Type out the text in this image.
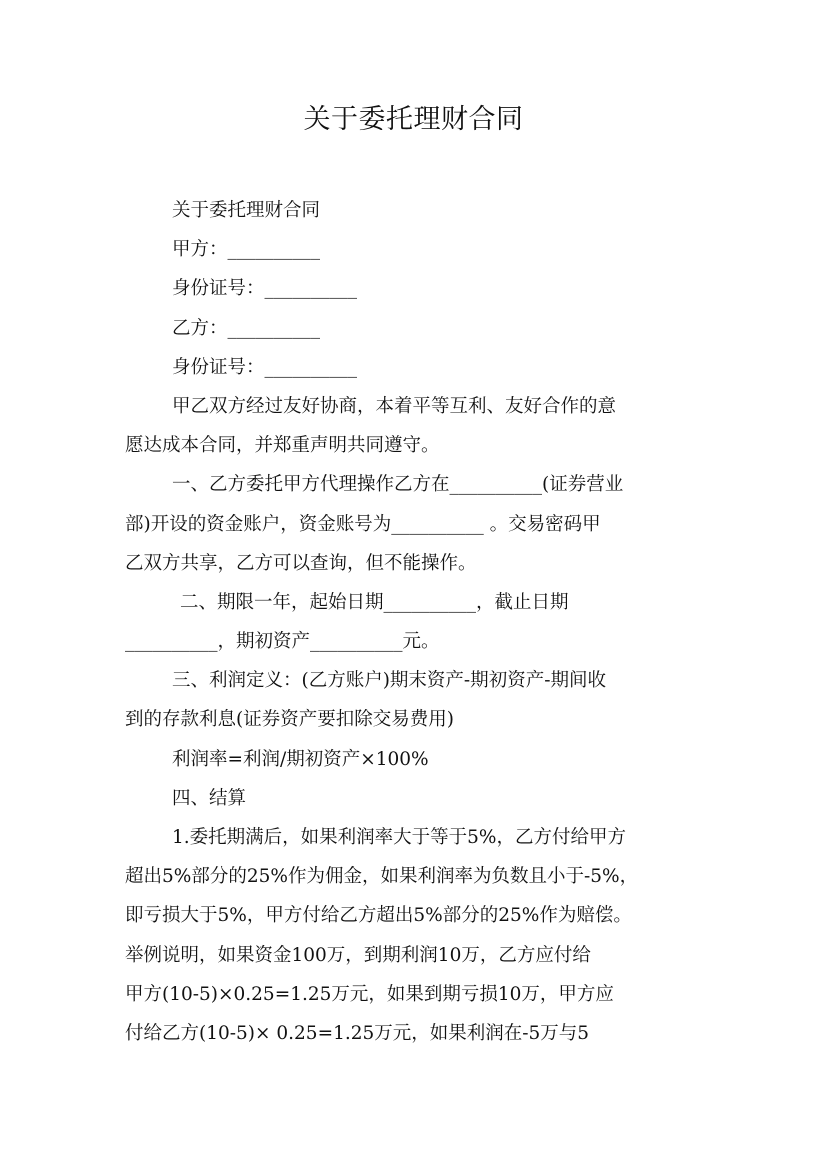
关于委托理财合同
关于委托理财合同
甲方：__________
身份证号：__________
乙方：__________
身份证号：__________
甲乙双方经过友好协商，本着平等互利、友好合作的意
愿达成本合同，并郑重声明共同遵守。
一、乙方委托甲方代理操作乙方在__________(证券营业
部)开设的资金账户，资金账号为__________ 。交易密码甲
乙双方共享，乙方可以查询，但不能操作。
二、期限一年，起始日期__________，截止日期
__________，期初资产__________元。
三、利润定义：(乙方账户)期末资产-期初资产-期间收
到的存款利息(证券资产要扣除交易费用)
利润率=利润/期初资产×100%
四、结算
1.委托期满后，如果利润率大于等于5%，乙方付给甲方
超出5%部分的25%作为佣金，如果利润率为负数且小于-5%，
即亏损大于5%，甲方付给乙方超出5%部分的25%作为赔偿。
举例说明，如果资金100万，到期利润10万，乙方应付给
甲方(10-5)×0.25=1.25万元，如果到期亏损10万，甲方应
付给乙方(10-5)× 0.25=1.25万元，如果利润在-5万与5
